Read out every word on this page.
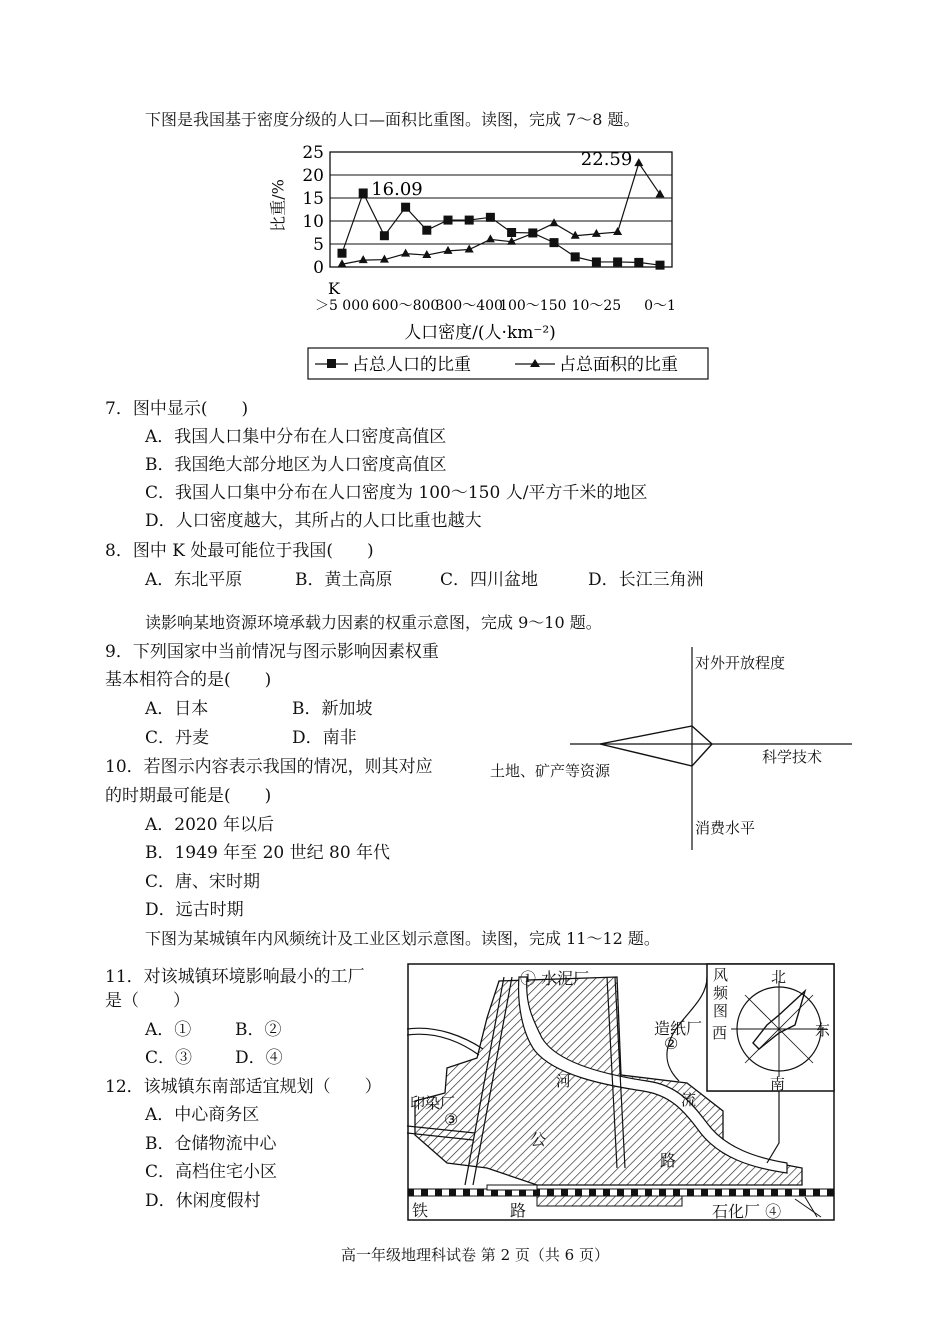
下图是我国基于密度分级的人口—面积比重图。读图，完成 7～8 题。
25
20
15
10
5
0
K
＞5 000 600～800
300～400
100～150 10～25 0～1
人口密度/(人·km⁻²)
16.09
22.59
占总人口的比重	占总面积的比重
比重/%
7．图中显示(　　)
A．我国人口集中分布在人口密度高值区
B．我国绝大部分地区为人口密度高值区
C．我国人口集中分布在人口密度为 100～150 人/平方千米的地区
D．人口密度越大，其所占的人口比重也越大
8．图中 K 处最可能位于我国(　　)
A．东北平原	B．黄土高原	C．四川盆地	D．长江三角洲
读影响某地资源环境承载力因素的权重示意图，完成 9～10 题。
9．下列国家中当前情况与图示影响因素权重
基本相符合的是(　　)
A．日本	B．新加坡
C．丹麦	D．南非
10．若图示内容表示我国的情况，则其对应
的时期最可能是(　　)
A．2020 年以后
B．1949 年至 20 世纪 80 年代
C．唐、宋时期
D．远古时期
对外开放程度
科学技术
土地、矿产等资源
消费水平
下图为某城镇年内风频统计及工业区划示意图。读图，完成 11～12 题。
11．对该城镇环境影响最小的工厂
是（　　）
A．①	B．②
C．③	D．④
12．该城镇东南部适宜规划（　　）
A．中心商务区
B．仓储物流中心
C．高档住宅小区
D．休闲度假村
① 水泥厂
造纸厂
②
印染厂
③
石化厂 ④
河
流
公
路
铁	路
风
频
图
北
南
东
西
高一年级地理科试卷 第 2 页（共 6 页）
